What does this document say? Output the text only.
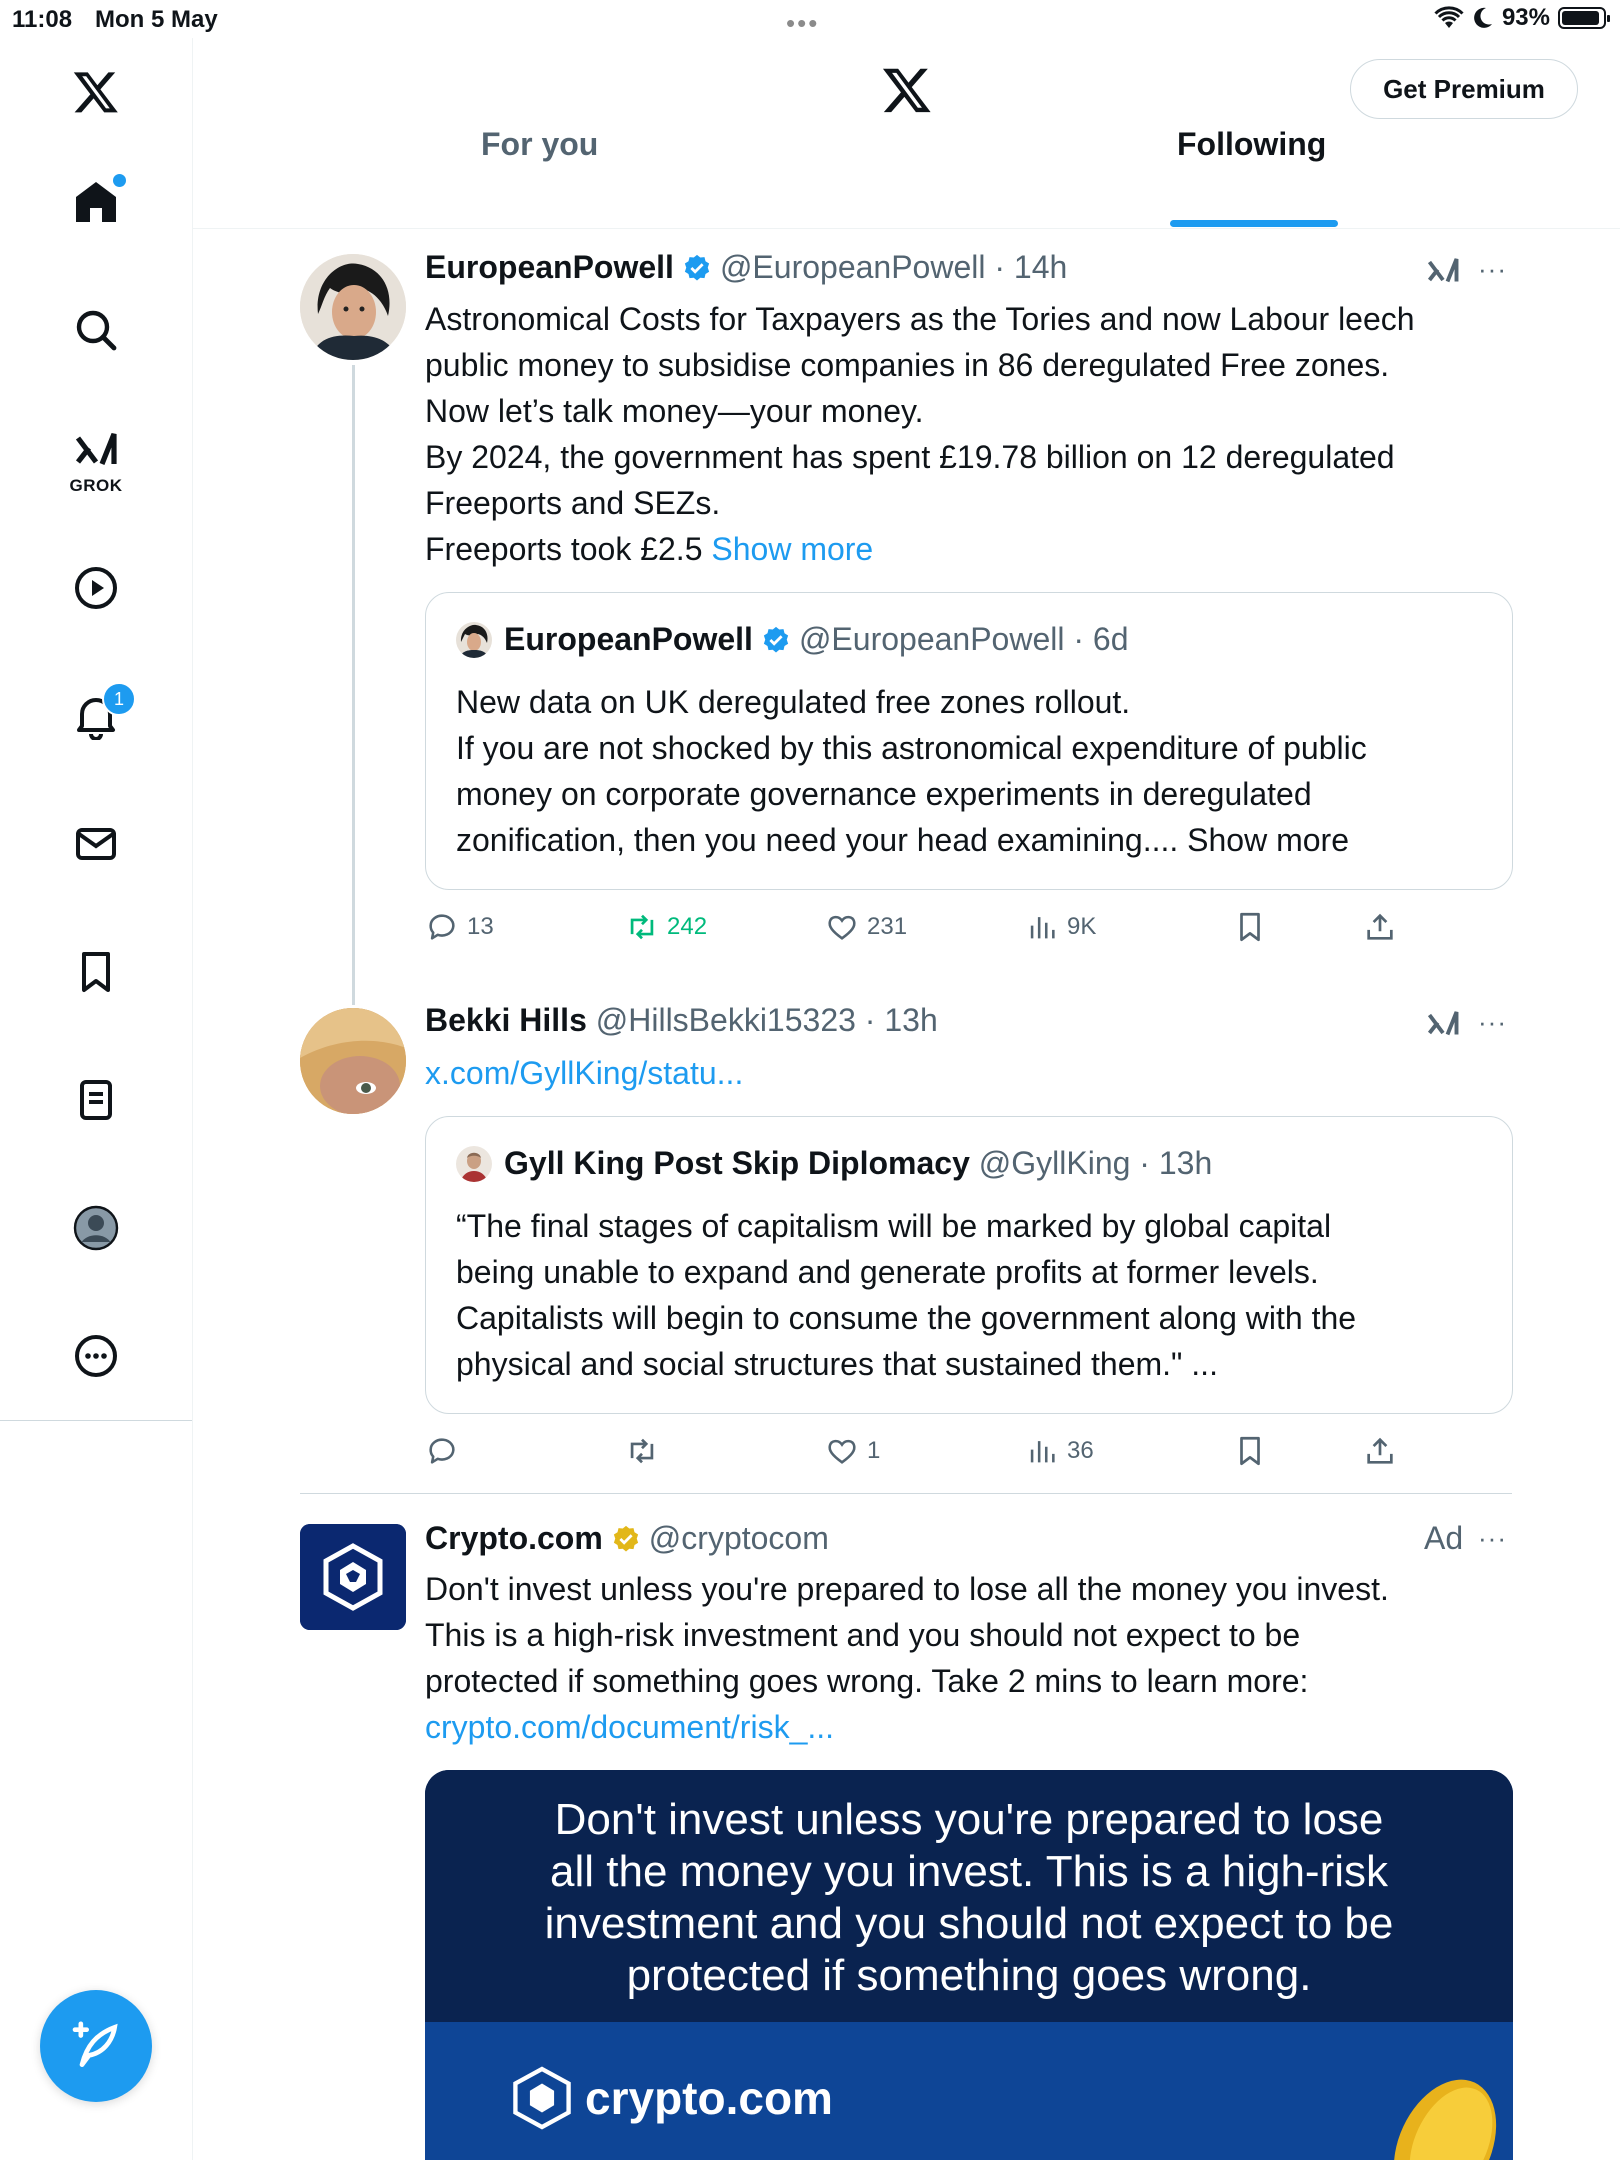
11:08 Mon 5 May	•••	93%
GROK
1
Get Premium
For you	Following
EuropeanPowell @EuropeanPowell · 14h	···
Astronomical Costs for Taxpayers as the Tories and now Labour leech
public money to subsidise companies in 86 deregulated Free zones.
Now let’s talk money—your money.
By 2024, the government has spent £19.78 billion on 12 deregulated
Freeports and SEZs.
Freeports took £2.5 Show more
EuropeanPowell @EuropeanPowell · 6d
New data on UK deregulated free zones rollout.
If you are not shocked by this astronomical expenditure of public
money on corporate governance experiments in deregulated
zonification, then you need your head examining.... Show more
13	242	231	9K
Bekki Hills
@HillsBekki15323 · 13h	···
x.com/GyllKing/statu...
Gyll King Post Skip Diplomacy
@GyllKing · 13h
“The final stages of capitalism will be marked by global capital
being unable to expand and generate profits at former levels.
Capitalists will begin to consume the government along with the
physical and social structures that sustained them." ...
1	36
Crypto.com @cryptocom	Ad ···
Don't invest unless you're prepared to lose all the money you invest.
This is a high-risk investment and you should not expect to be
protected if something goes wrong. Take 2 mins to learn more:
crypto.com/document/risk_...
Don't invest unless you're prepared to lose
all the money you invest. This is a high-risk
investment and you should not expect to be
protected if something goes wrong.
crypto.com
